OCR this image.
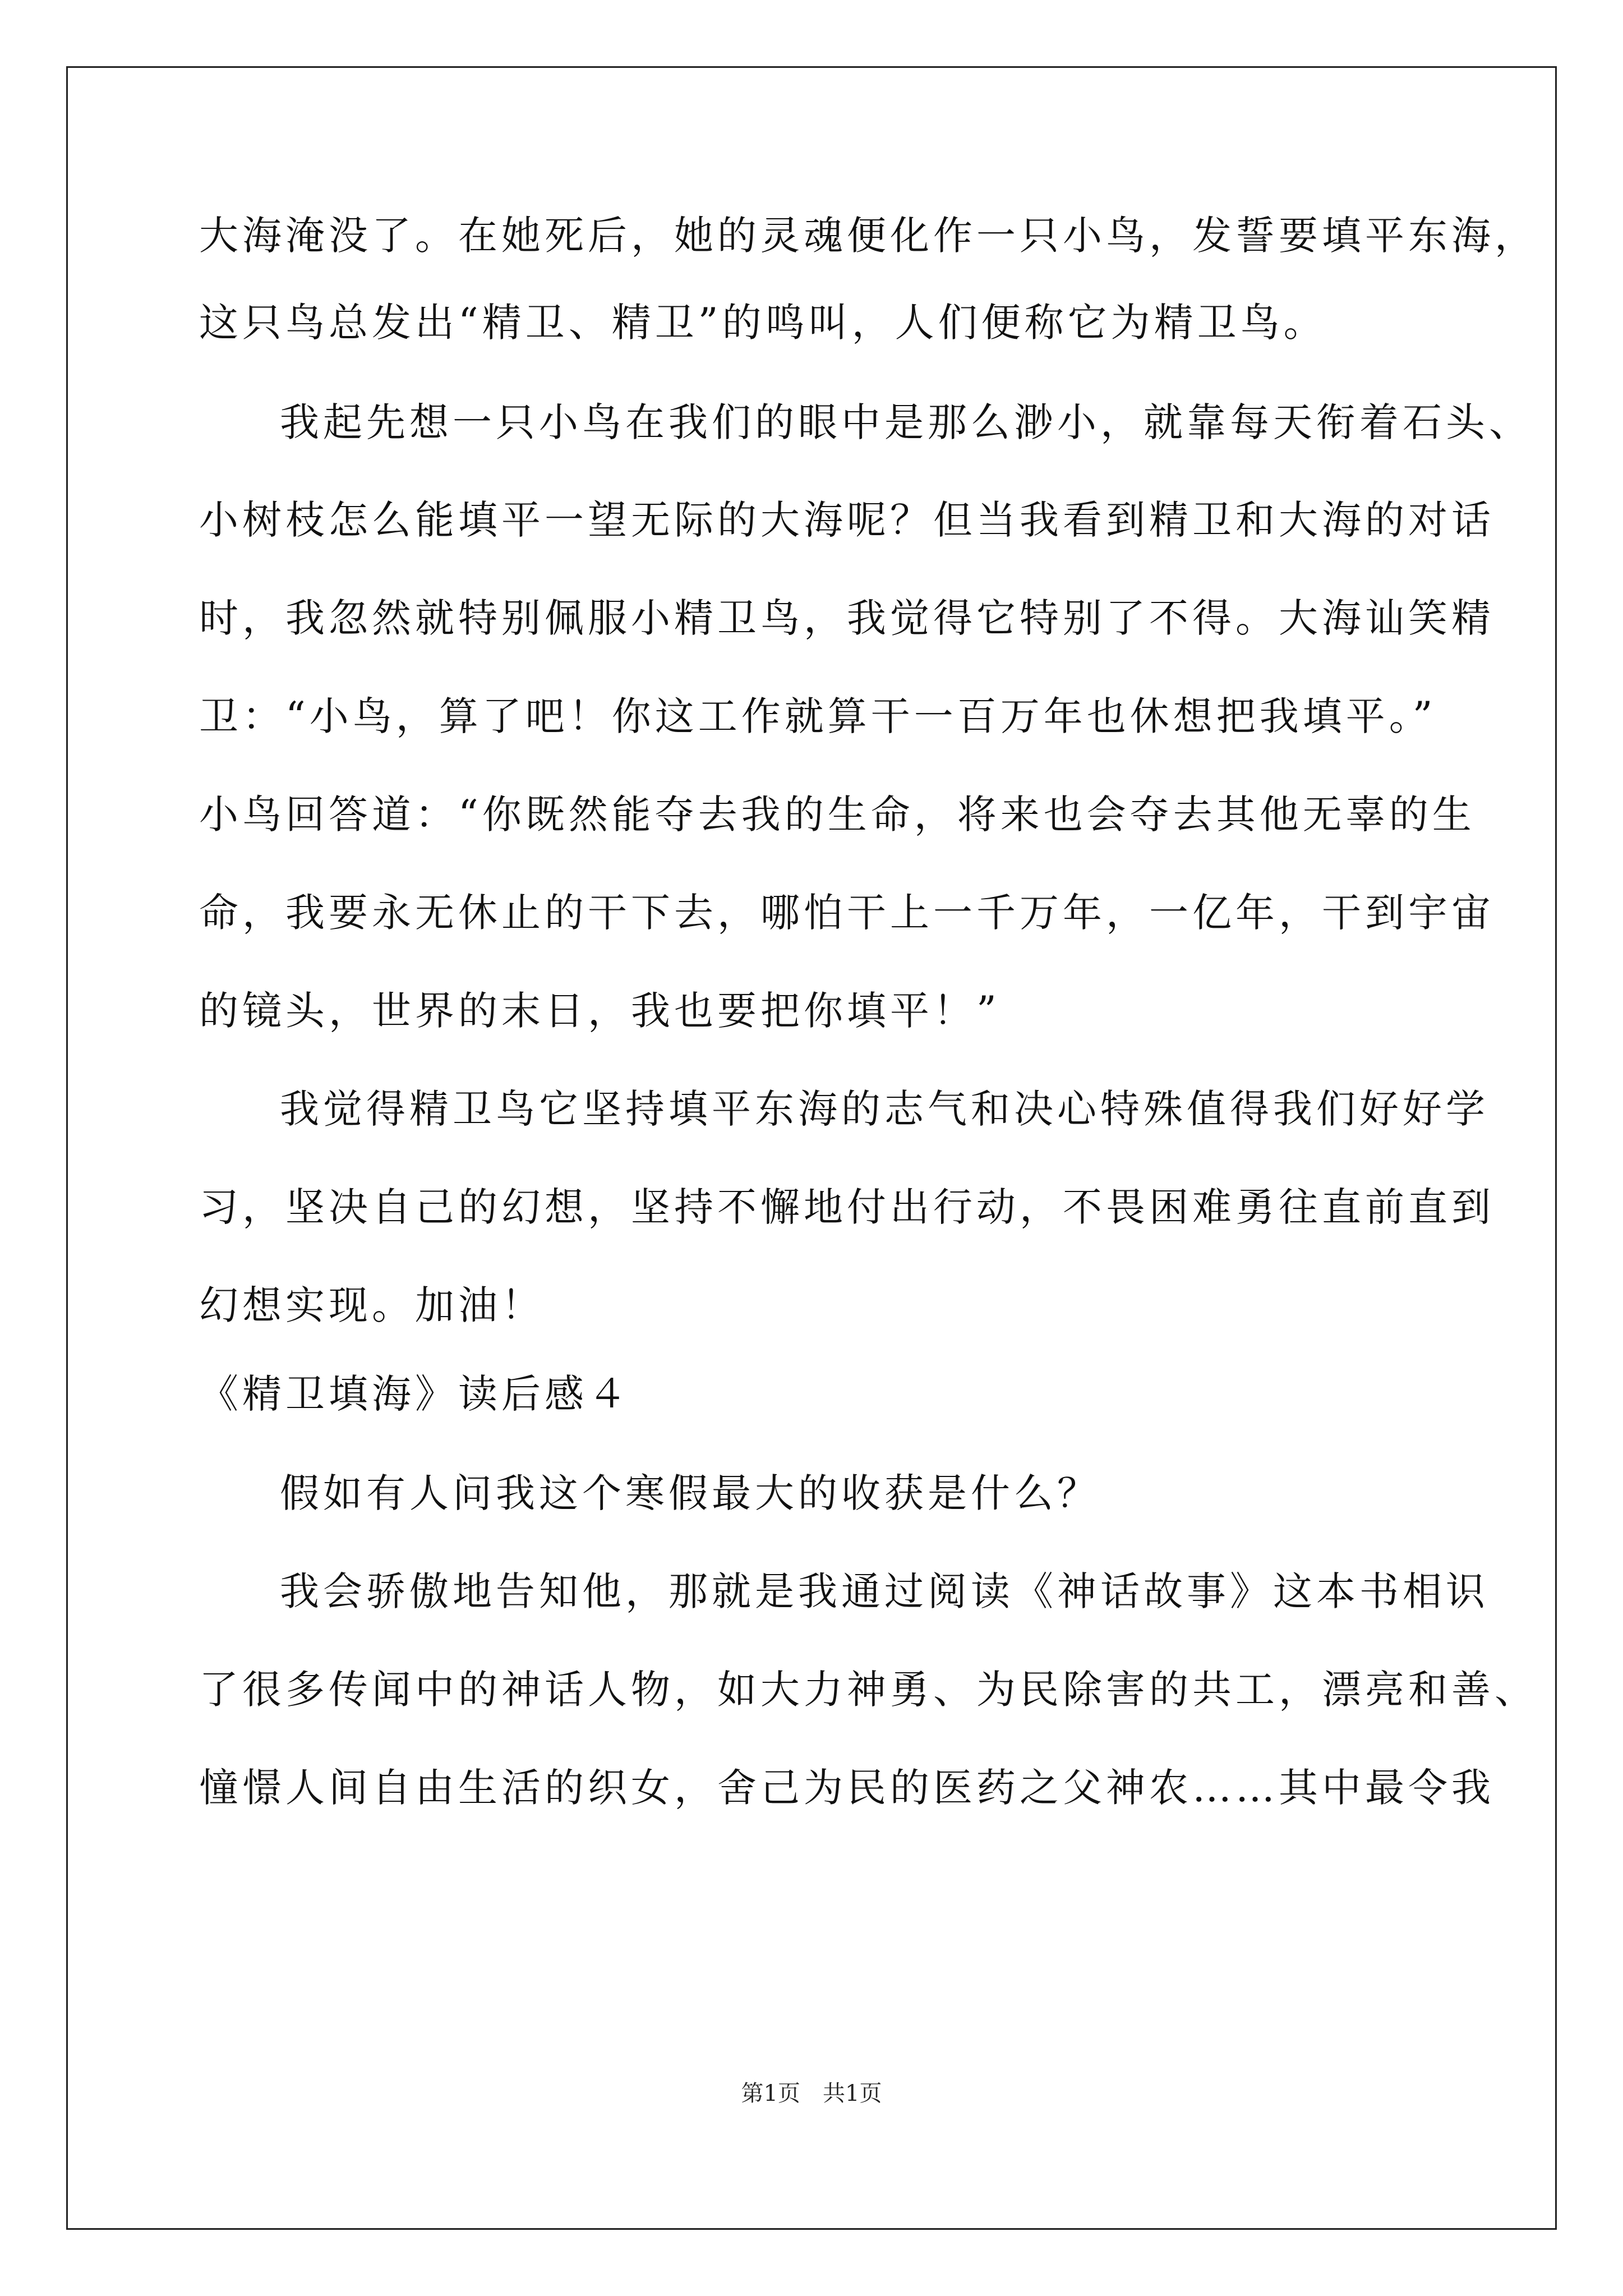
大海淹没了。在她死后，她的灵魂便化作一只小鸟，发誓要填平东海，
这只鸟总发出“精卫、精卫”的鸣叫，人们便称它为精卫鸟。
我起先想一只小鸟在我们的眼中是那么渺小，就靠每天衔着石头、
小树枝怎么能填平一望无际的大海呢？但当我看到精卫和大海的对话
时，我忽然就特别佩服小精卫鸟，我觉得它特别了不得。大海讪笑精
卫：“小鸟，算了吧！你这工作就算干一百万年也休想把我填平。”
小鸟回答道：“你既然能夺去我的生命，将来也会夺去其他无辜的生
命，我要永无休止的干下去，哪怕干上一千万年，一亿年，干到宇宙
的镜头，世界的末日，我也要把你填平！”
我觉得精卫鸟它坚持填平东海的志气和决心特殊值得我们好好学
习，坚决自己的幻想，坚持不懈地付出行动，不畏困难勇往直前直到
幻想实现。加油！
《精卫填海》读后感４
假如有人问我这个寒假最大的收获是什么？
我会骄傲地告知他，那就是我通过阅读《神话故事》这本书相识
了很多传闻中的神话人物，如大力神勇、为民除害的共工，漂亮和善、
憧憬人间自由生活的织女，舍己为民的医药之父神农……其中最令我
第1页　共1页
